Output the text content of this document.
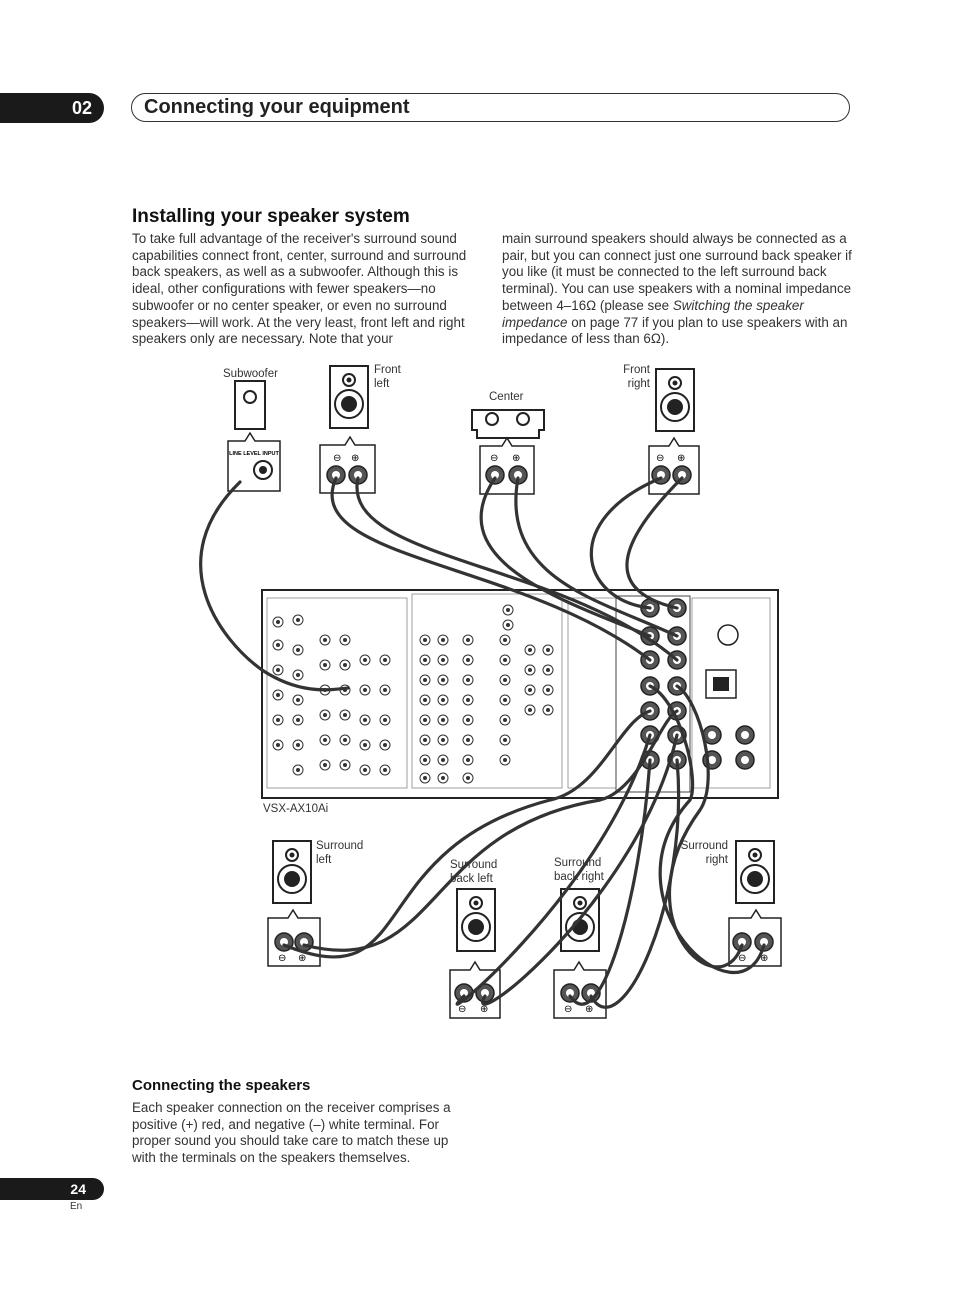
02	Connecting your equipment
Installing your speaker system

To take full advantage of the receiver's surround sound capabilities connect front, center, surround and surround back speakers, as well as a subwoofer. Although this is ideal, other configurations with fewer speakers—no subwoofer or no center speaker, or even no surround speakers—will work. At the very least, front left and right speakers only are necessary. Note that your

main surround speakers should always be connected as a pair, but you can connect just one surround back speaker if you like (it must be connected to the left surround back terminal). You can use speakers with a nominal impedance between 4–16Ω (please see Switching the speaker impedance on page 77 if you plan to use speakers with an impedance of less than 6Ω).

LINE LEVEL INPUT	⊖ ⊕	⊖ ⊕	⊖ ⊕
⊖ ⊕
⊖ ⊕	⊖ ⊕
⊖ ⊕
Subwoofer	Front
left
Center
Front
right
VSX-AX10Ai
Surround
left	Surround
back left
Surround
back right
Surround
right
Connecting the speakers

Each speaker connection on the receiver comprises a positive (+) red, and negative (–) white terminal. For proper sound you should take care to match these up with the terminals on the speakers themselves.

24
En
